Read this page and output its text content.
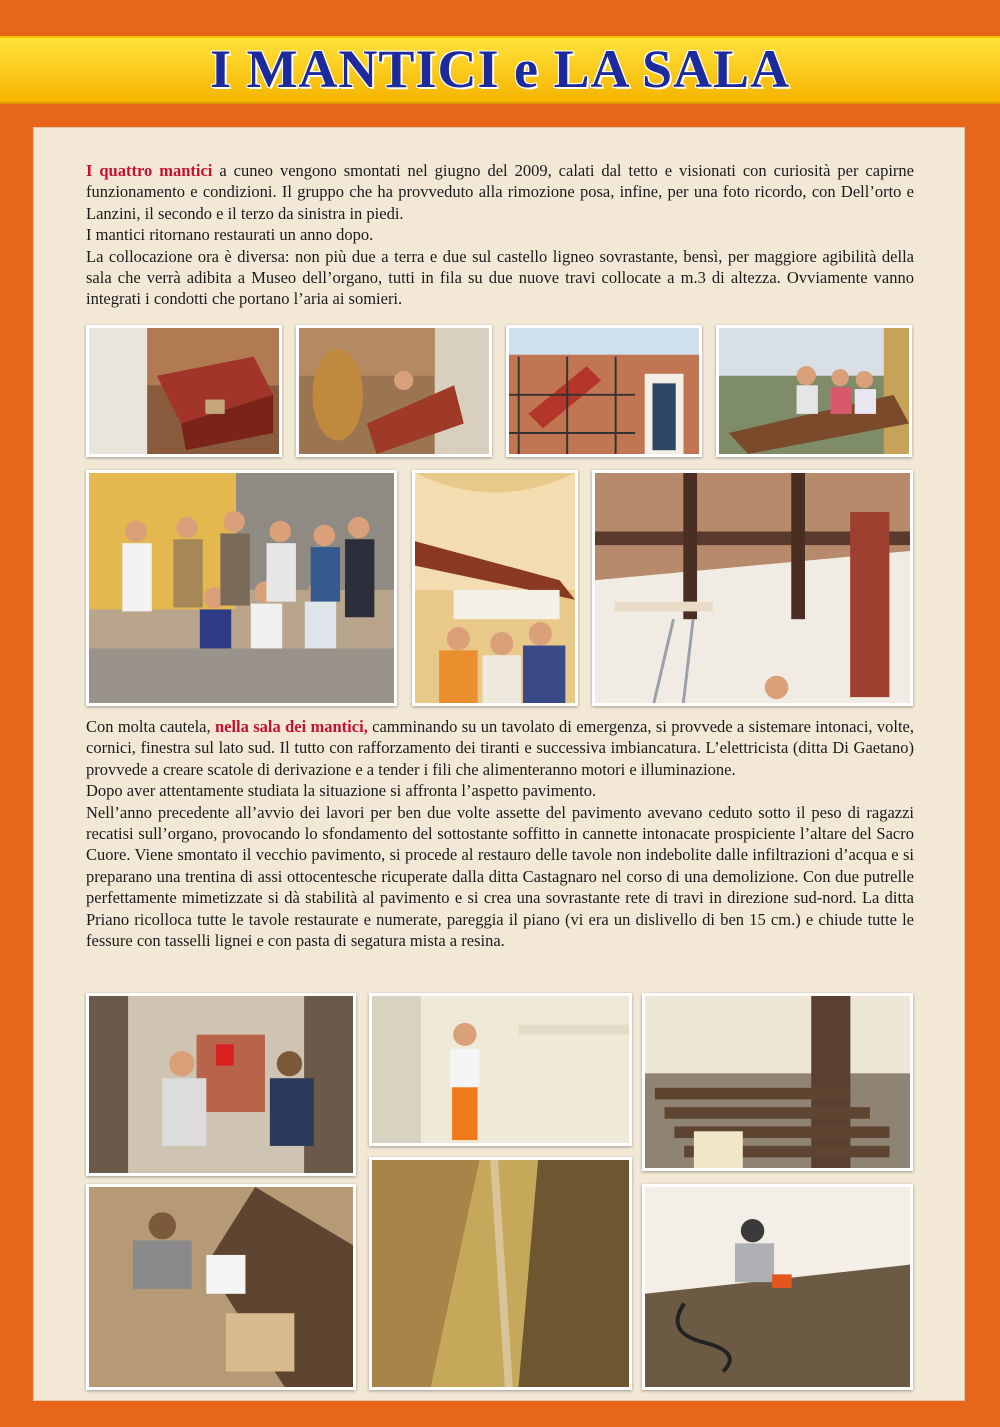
I MANTICI e LA SALA

I quattro mantici a cuneo vengono smontati nel giugno del 2009, calati dal tetto e visionati con curiosità per capirne funzionamento e condizioni. Il gruppo che ha provveduto alla rimozione posa, infine, per una foto ricordo, con Dell’orto e Lanzini, il secondo e il terzo da sinistra in piedi.

I mantici ritornano restaurati un anno dopo.

La collocazione ora è diversa: non più due a terra e due sul castello ligneo sovrastante, bensì, per maggiore agibilità della sala che verrà adibita a Museo dell’organo, tutti in fila su due nuove travi collocate a m.3 di altezza. Ovviamente vanno integrati i condotti che portano l’aria ai somieri.

Con molta cautela, nella sala dei mantici, camminando su un tavolato di emergenza, si provvede a sistemare intonaci, volte, cornici, finestra sul lato sud. Il tutto con rafforzamento dei tiranti e successiva imbiancatura. L’elettricista (ditta Di Gaetano) provvede a creare scatole di derivazione e a tender i fili che alimenteranno motori e illuminazione.

Dopo aver attentamente studiata la situazione si affronta l’aspetto pavimento.

Nell’anno precedente all’avvio dei lavori per ben due volte assette del pavimento avevano ceduto sotto il peso di ragazzi recatisi sull’organo, provocando lo sfondamento del sottostante soffitto in cannette intonacate prospiciente l’altare del Sacro Cuore. Viene smontato il vecchio pavimento, si procede al restauro delle tavole non indebolite dalle infiltrazioni d’acqua e si preparano una trentina di assi ottocentesche ricuperate dalla ditta Castagnaro nel corso di una demolizione. Con due putrelle perfettamente mimetizzate si dà stabilità al pavimento e si crea una sovrastante rete di travi in direzione sud-nord. La ditta Priano ricolloca tutte le tavole restaurate e numerate, pareggia il piano (vi era un dislivello di ben 15 cm.) e chiude tutte le fessure con tasselli lignei e con pasta di segatura mista a resina.
